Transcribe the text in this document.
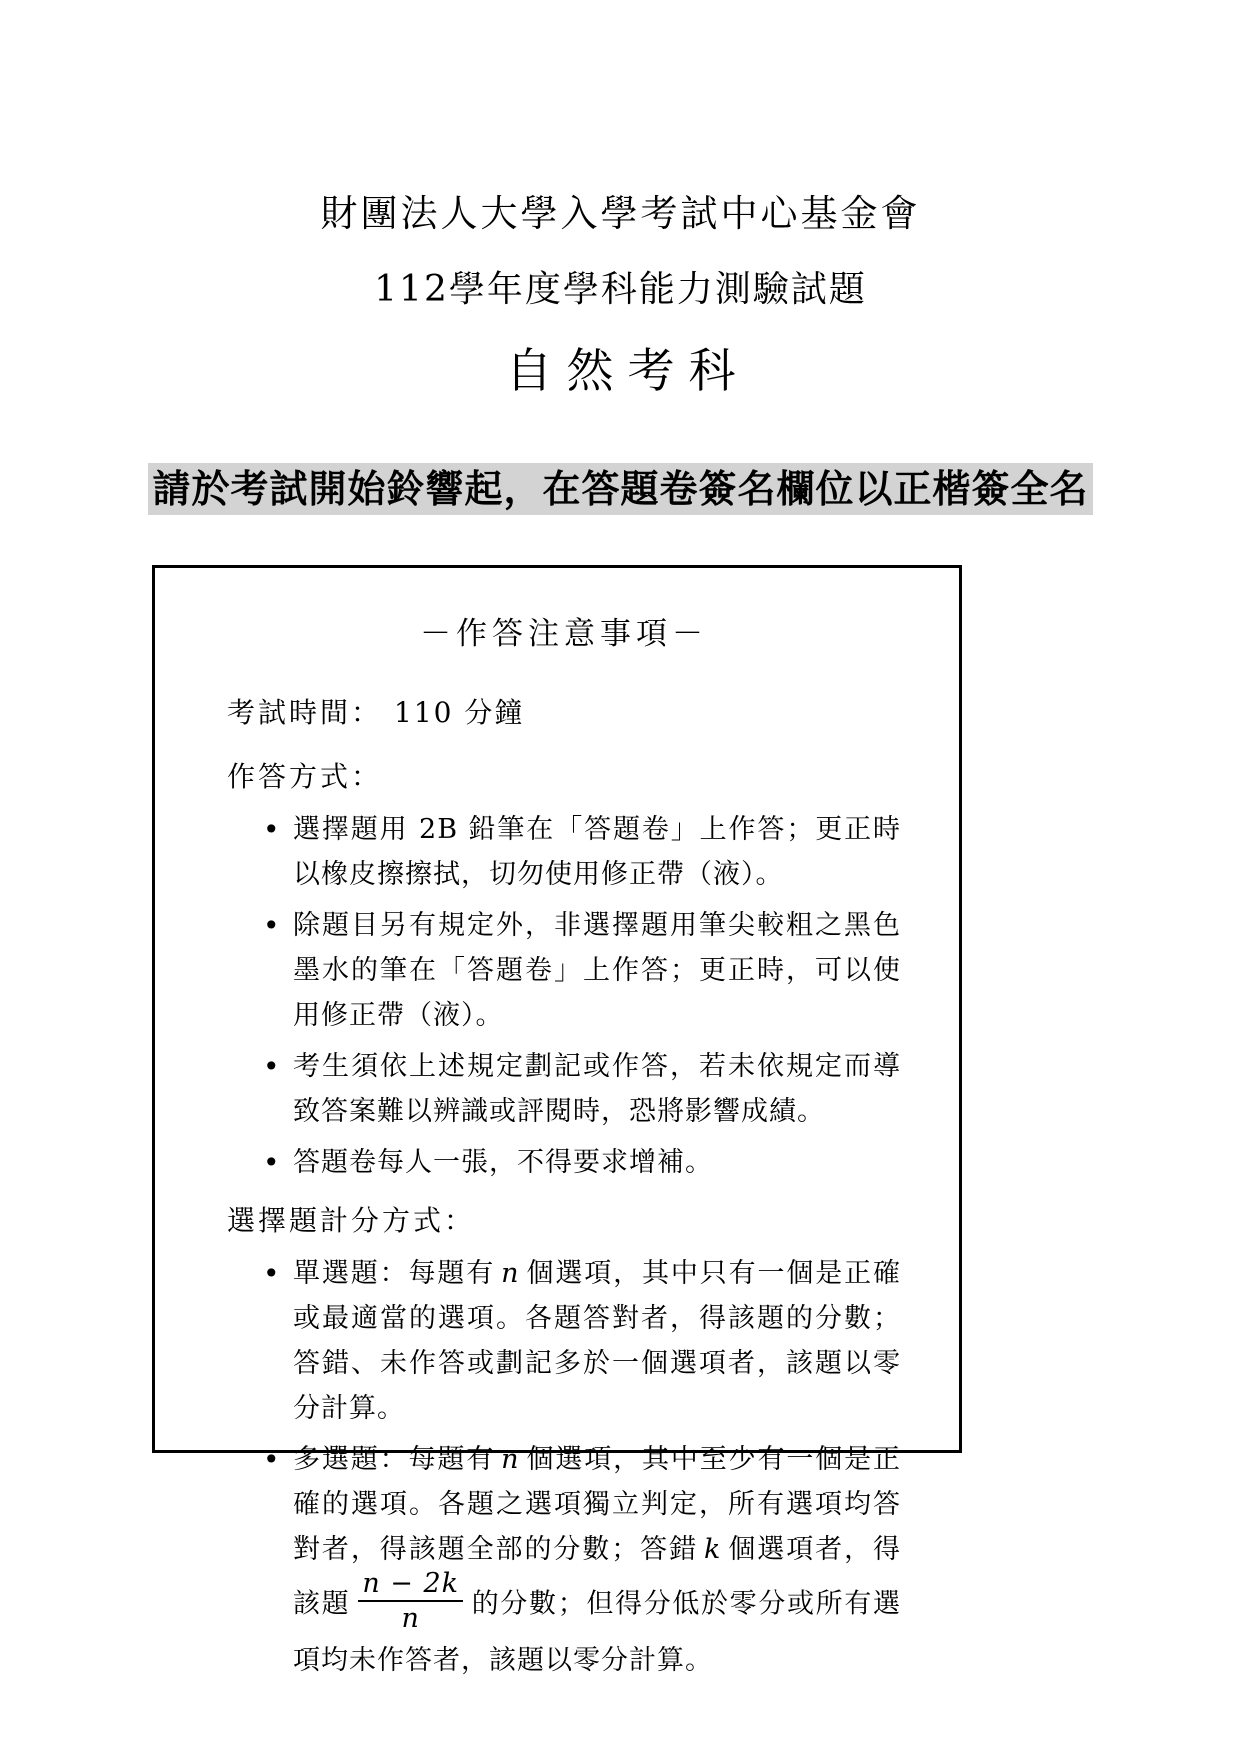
財團法人大學入學考試中心基金會
112學年度學科能力測驗試題
自然考科
請於考試開始鈴響起，在答題卷簽名欄位以正楷簽全名
－作答注意事項－
考試時間： 110 分鐘
作答方式：
• 選擇題用 2B 鉛筆在「答題卷」上作答；更正時以橡皮擦擦拭，切勿使用修正帶（液）。
• 除題目另有規定外，非選擇題用筆尖較粗之黑色墨水的筆在「答題卷」上作答；更正時，可以使用修正帶（液）。
• 考生須依上述規定劃記或作答，若未依規定而導致答案難以辨識或評閱時，恐將影響成績。
• 答題卷每人一張，不得要求增補。
選擇題計分方式：
• 單選題：每題有 n 個選項，其中只有一個是正確或最適當的選項。各題答對者，得該題的分數；答錯、未作答或劃記多於一個選項者，該題以零分計算。
• 多選題：每題有 n 個選項，其中至少有一個是正確的選項。各題之選項獨立判定，所有選項均答對者，得該題全部的分數；答錯 k 個選項者，得該題 $\frac{n - 2k}{n}$ 的分數；但得分低於零分或所有選項均未作答者，該題以零分計算。
